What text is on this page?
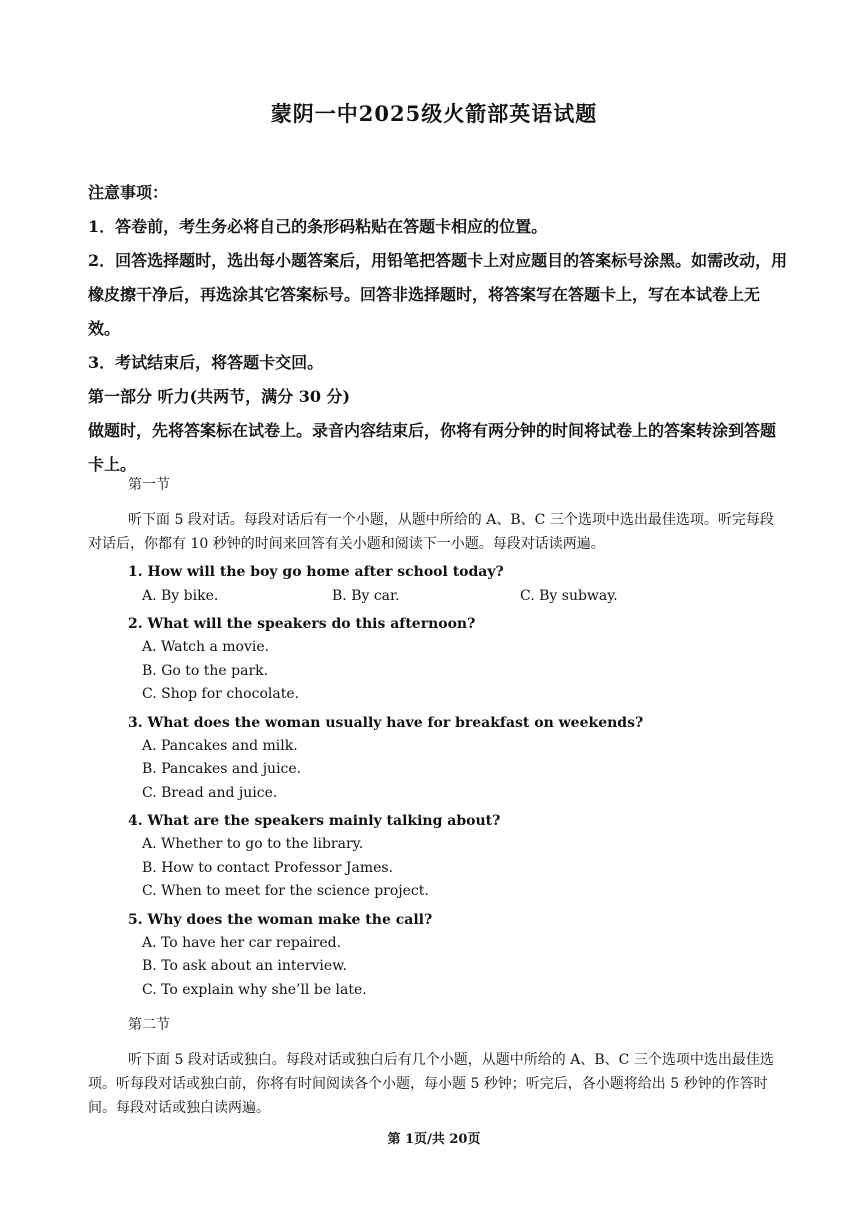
蒙阴一中2025级火箭部英语试题
注意事项：
1．答卷前，考生务必将自己的条形码粘贴在答题卡相应的位置。
2．回答选择题时，选出每小题答案后，用铅笔把答题卡上对应题目的答案标号涂黑。如需改动，用橡皮擦干净后，再选涂其它答案标号。回答非选择题时，将答案写在答题卡上，写在本试卷上无效。
3．考试结束后，将答题卡交回。
第一部分 听力(共两节，满分 30 分)
做题时，先将答案标在试卷上。录音内容结束后，你将有两分钟的时间将试卷上的答案转涂到答题卡上。
第一节
听下面 5 段对话。每段对话后有一个小题，从题中所给的 A、B、C 三个选项中选出最佳选项。听完每段对话后，你都有 10 秒钟的时间来回答有关小题和阅读下一小题。每段对话读两遍。
1. How will the boy go home after school today?
A. By bike.	B. By car.	C. By subway.
2. What will the speakers do this afternoon?
A. Watch a movie.
B. Go to the park.
C. Shop for chocolate.
3. What does the woman usually have for breakfast on weekends?
A. Pancakes and milk.
B. Pancakes and juice.
C. Bread and juice.
4. What are the speakers mainly talking about?
A. Whether to go to the library.
B. How to contact Professor James.
C. When to meet for the science project.
5. Why does the woman make the call?
A. To have her car repaired.
B. To ask about an interview.
C. To explain why she’ll be late.
第二节
听下面 5 段对话或独白。每段对话或独白后有几个小题，从题中所给的 A、B、C 三个选项中选出最佳选项。听每段对话或独白前，你将有时间阅读各个小题，每小题 5 秒钟；听完后，各小题将给出 5 秒钟的作答时间。每段对话或独白读两遍。
第 1页/共 20页
